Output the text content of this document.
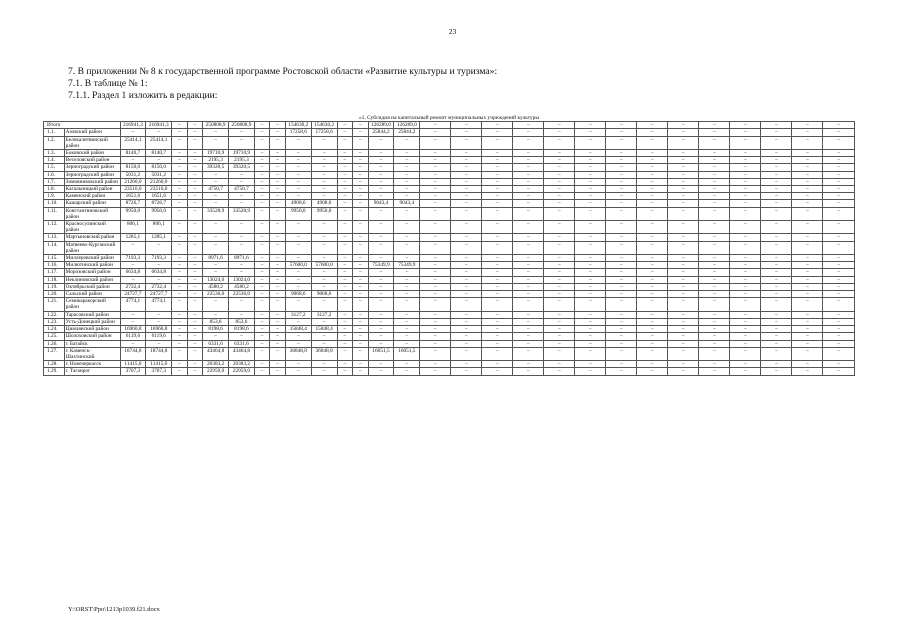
23
7. В приложении № 8 к государственной программе Ростовской области «Развитие культуры и туризма»:
7.1. В таблице № 1:
7.1.1. Раздел 1 изложить в редакции:
«1. Субсидия на капитальный ремонт муниципальных учреждений культуры																													
Итого		216941,3	216941,3	–	–	250808,9	250808,9	–	–	154630,2	154630,2	–	–	126289,0	126289,0	–	–	–	–	–	–	–	–	–	–	–	–	–	–
1.1.	Азовский район	–	–	–	–	–	–	–	–	17258,6	17258,6	–	–	25844,2	25844,2	–	–	–	–	–	–	–	–	–	–	–	–	–	–
1.2.	Белокалитвинский район	25414,1	25414,1	–	–	–	–	–	–	–	–	–	–	–	–	–	–	–	–	–	–	–	–	–	–	–	–	–	–
1.3.	Боковский район	8140,7	8140,7	–	–	19710,9	19710,9	–	–	–	–	–	–	–	–	–	–	–	–	–	–	–	–	–	–	–	–	–	–
1.4.	Веселовский район	–	–	–	–	2195,3	2195,3	–	–	–	–	–	–	–	–	–	–	–	–	–	–	–	–	–	–	–	–	–	–
1.5.	Зерноградский район	8150,0	8150,0	–	–	39320,5	39320,5	–	–	–	–	–	–	–	–	–	–	–	–	–	–	–	–	–	–	–	–	–	–
1.6.	Зерноградский район	5031,2	5031,2	–	–	–	–	–	–	–	–	–	–	–	–	–	–	–	–	–	–	–	–	–	–	–	–	–	–
1.7.	Зимовниковский район	21260,0	21260,0	–	–	–	–	–	–	–	–	–	–	–	–	–	–	–	–	–	–	–	–	–	–	–	–	–	–
1.8.	Кагальницкий район	23516,0	23516,0	–	–	4750,7	4750,7	–	–	–	–	–	–	–	–	–	–	–	–	–	–	–	–	–	–	–	–	–	–
1.9.	Каменский район	1651,6	1651,6	–	–	–	–	–	–	–	–	–	–	–	–	–	–	–	–	–	–	–	–	–	–	–	–	–	–
1.10.	Кашарский район	8726,7	8726,7	–	–	–	–	–	–	4908,6	4908,6	–	–	9043,4	9043,4	–	–	–	–	–	–	–	–	–	–	–	–	–	–
1.11.	Константиновский район	9950,0	9950,0	–	–	33528,9	33528,9	–	–	9950,0	9950,0	–	–	–	–	–	–	–	–	–	–	–	–	–	–	–	–	–	–
1.12.	Красносулинский район	806,1	806,1	–	–	–	–	–	–	–	–	–	–	–	–	–	–	–	–	–	–	–	–	–	–	–	–	–	–
1.13.	Мартыновский район	1285,1	1285,1	–	–	–	–	–	–	–	–	–	–	–	–	–	–	–	–	–	–	–	–	–	–	–	–	–	–
1.14.	Матвеево-Курганский район	–	–	–	–	–	–	–	–	–	–	–	–	–	–	–	–	–	–	–	–	–	–	–	–	–	–	–	–
1.15.	Миллеровский район	7193,3	7193,3	–	–	8971,6	8971,6	–	–	–	–	–	–	–	–	–	–	–	–	–	–	–	–	–	–	–	–	–	–
1.16.	Милютинский район	–	–	–	–	–	–	–	–	57600,0	57600,0	–	–	75349,9	75349,9	–	–	–	–	–	–	–	–	–	–	–	–	–	–
1.17.	Морозовский район	6634,8	6634,8	–	–	–	–	–	–	–	–	–	–	–	–	–	–	–	–	–	–	–	–	–	–	–	–	–	–
1.18.	Неклиновский район	–	–	–	–	13024,0	13024,0	–	–	–	–	–	–	–	–	–	–	–	–	–	–	–	–	–	–	–	–	–	–
1.19.	Октябрьский район	2732,4	2732,4	–	–	4580,2	4580,2	–	–	–	–	–	–	–	–	–	–	–	–	–	–	–	–	–	–	–	–	–	–
1.20.	Сальский район	24727,7	24727,7	–	–	22536,0	22536,0	–	–	9068,6	9068,6	–	–	–	–	–	–	–	–	–	–	–	–	–	–	–	–	–	–
1.21.	Семикаракорский район	4774,1	4774,1	–	–	–	–	–	–	–	–	–	–	–	–	–	–	–	–	–	–	–	–	–	–	–	–	–	–
1.22.	Тарасовский район	–	–	–	–	–	–	–	–	3127,2	3127,2	–	–	–	–	–	–	–	–	–	–	–	–	–	–	–	–	–	–
1.23.	Усть-Донецкий район	–	–	–	–	853,6	853,6	–	–	–	–	–	–	–	–	–	–	–	–	–	–	–	–	–	–	–	–	–	–
1.24.	Цимлянский район	16960,8	16960,8	–	–	8198,6	8198,6	–	–	15848,4	15848,4	–	–	–	–	–	–	–	–	–	–	–	–	–	–	–	–	–	–
1.25.	Шолоховский район	6119,6	6119,6	–	–	–	–	–	–	–	–	–	–	–	–	–	–	–	–	–	–	–	–	–	–	–	–	–	–
1.26.	г. Батайск	–	–	–	–	6331,6	6331,6	–	–	–	–	–	–	–	–	–	–	–	–	–	–	–	–	–	–	–	–	–	–
1.27.	г. Каменск-Шахтинский	18744,8	18744,8	–	–	43464,8	43464,8	–	–	36848,8	36848,8	–	–	16051,5	16051,5	–	–	–	–	–	–	–	–	–	–	–	–	–	–
1.28.	г. Новочеркасск	11415,0	11415,0	–	–	20383,2	20383,2	–	–	–	–	–	–	–	–	–	–	–	–	–	–	–	–	–	–	–	–	–	–
1.29.	г. Таганрог	3707,3	3707,3	–	–	22959,0	22959,0	–	–	–	–	–	–	–	–	–	–	–	–	–	–	–	–	–	–	–	–	–	–
Y:\ORST\Ppo\1213p1039.f21.docx
